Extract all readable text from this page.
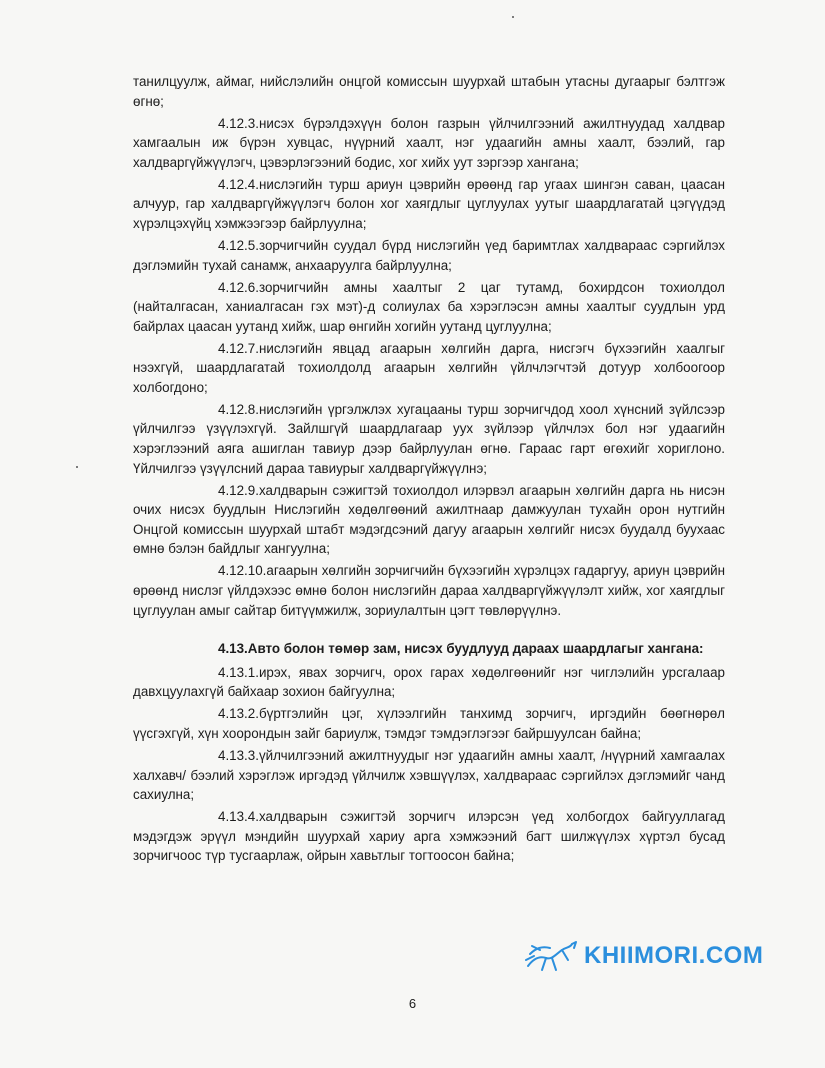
танилцуулж, аймаг, нийслэлийн онцгой комиссын шуурхай штабын утасны дугаарыг бэлтгэж өгнө;

4.12.3.нисэх бүрэлдэхүүн болон газрын үйлчилгээний ажилтнуудад халдвар хамгаалын иж бүрэн хувцас, нүүрний хаалт, нэг удаагийн амны хаалт, бээлий, гар халдваргүйжүүлэгч, цэвэрлэгээний бодис, хог хийх уут зэргээр хангана;

4.12.4.нислэгийн турш ариун цэврийн өрөөнд гар угаах шингэн саван, цаасан алчуур, гар халдваргүйжүүлэгч болон хог хаягдлыг цуглуулах уутыг шаардлагатай цэгүүдэд хүрэлцэхүйц хэмжээгээр байрлуулна;

4.12.5.зорчигчийн суудал бүрд нислэгийн үед баримтлах халдвараас сэргийлэх дэглэмийн тухай санамж, анхааруулга байрлуулна;

4.12.6.зорчигчийн амны хаалтыг 2 цаг тутамд, бохирдсон тохиолдол (найталгасан, ханиалгасан гэх мэт)-д солиулах ба хэрэглэсэн амны хаалтыг суудлын урд байрлах цаасан уутанд хийж, шар өнгийн хогийн уутанд цуглуулна;

4.12.7.нислэгийн явцад агаарын хөлгийн дарга, нисгэгч бүхээгийн хаалгыг нээхгүй, шаардлагатай тохиолдолд агаарын хөлгийн үйлчлэгчтэй дотуур холбоогоор холбогдоно;

4.12.8.нислэгийн үргэлжлэх хугацааны турш зорчигчдод хоол хүнсний зүйлсээр үйлчилгээ үзүүлэхгүй. Зайлшгүй шаардлагаар уух зүйлээр үйлчлэх бол нэг удаагийн хэрэглээний аяга ашиглан тавиур дээр байрлуулан өгнө. Гараас гарт өгөхийг хориглоно. Үйлчилгээ үзүүлсний дараа тавиурыг халдваргүйжүүлнэ;

4.12.9.халдварын сэжигтэй тохиолдол илэрвэл агаарын хөлгийн дарга нь нисэн очих нисэх буудлын Нислэгийн хөдөлгөөний ажилтнаар дамжуулан тухайн орон нутгийн Онцгой комиссын шуурхай штабт мэдэгдсэний дагуу агаарын хөлгийг нисэх буудалд буухаас өмнө бэлэн байдлыг хангуулна;

4.12.10.агаарын хөлгийн зорчигчийн бүхээгийн хүрэлцэх гадаргуу, ариун цэврийн өрөөнд нислэг үйлдэхээс өмнө болон нислэгийн дараа халдваргүйжүүлэлт хийж, хог хаягдлыг цуглуулан амыг сайтар битүүмжилж, зориулалтын цэгт төвлөрүүлнэ.

4.13.Авто болон төмөр зам, нисэх буудлууд дараах шаардлагыг хангана:

4.13.1.ирэх, явах зорчигч, орох гарах хөдөлгөөнийг нэг чиглэлийн урсгалаар давхцуулахгүй байхаар зохион байгуулна;

4.13.2.бүртгэлийн цэг, хүлээлгийн танхимд зорчигч, иргэдийн бөөгнөрөл үүсгэхгүй, хүн хоорондын зайг бариулж, тэмдэг тэмдэглэгээг байршуулсан байна;

4.13.3.үйлчилгээний ажилтнуудыг нэг удаагийн амны хаалт, /нүүрний хамгаалах халхавч/ бээлий хэрэглэж иргэдэд үйлчилж хэвшүүлэх, халдвараас сэргийлэх дэглэмийг чанд сахиулна;

4.13.4.халдварын сэжигтэй зорчигч илэрсэн үед холбогдох байгууллагад мэдэгдэж эрүүл мэндийн шуурхай хариу арга хэмжээний багт шилжүүлэх хүртэл бусад зорчигчоос түр тусгаарлаж, ойрын хавьтлыг тогтоосон байна;

KHIIMORI.COM
6
